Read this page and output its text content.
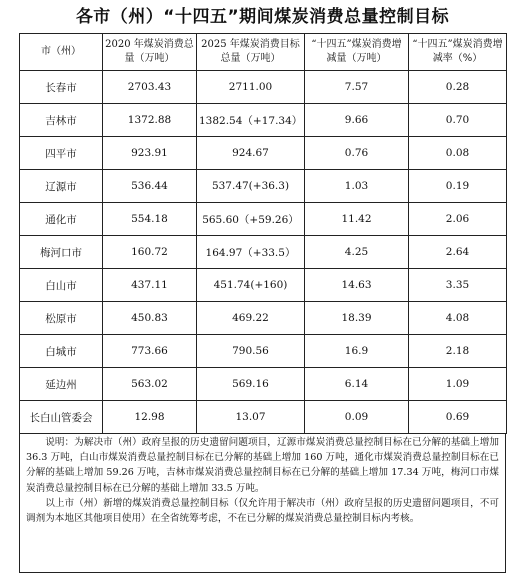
各市（州）“十四五”期间煤炭消费总量控制目标
市（州）	2020 年煤炭消费总量（万吨）	2025 年煤炭消费目标总量（万吨）	“十四五”煤炭消费增减量（万吨）	“十四五”煤炭消费增减率（%）
长春市	2703.43	2711.00	7.57	0.28
吉林市	1372.88	1382.54（+17.34）	9.66	0.70
四平市	923.91	924.67	0.76	0.08
辽源市	536.44	537.47(+36.3)	1.03	0.19
通化市	554.18	565.60（+59.26）	11.42	2.06
梅河口市	160.72	164.97（+33.5）	4.25	2.64
白山市	437.11	451.74(+160)	14.63	3.35
松原市	450.83	469.22	18.39	4.08
白城市	773.66	790.56	16.9	2.18
延边州	563.02	569.16	6.14	1.09
长白山管委会	12.98	13.07	0.09	0.69

说明：为解决市（州）政府呈报的历史遗留问题项目，辽源市煤炭消费总量控制目标在已分解的基础上增加 36.3 万吨，白山市煤炭消费总量控制目标在已分解的基础上增加 160 万吨，通化市煤炭消费总量控制目标在已分解的基础上增加 59.26 万吨，吉林市煤炭消费总量控制目标在已分解的基础上增加 17.34 万吨，梅河口市煤炭消费总量控制目标在已分解的基础上增加 33.5 万吨。

以上市（州）新增的煤炭消费总量控制目标（仅允许用于解决市（州）政府呈报的历史遗留问题项目，不可调剂为本地区其他项目使用）在全省统筹考虑，不在已分解的煤炭消费总量控制目标内考核。
